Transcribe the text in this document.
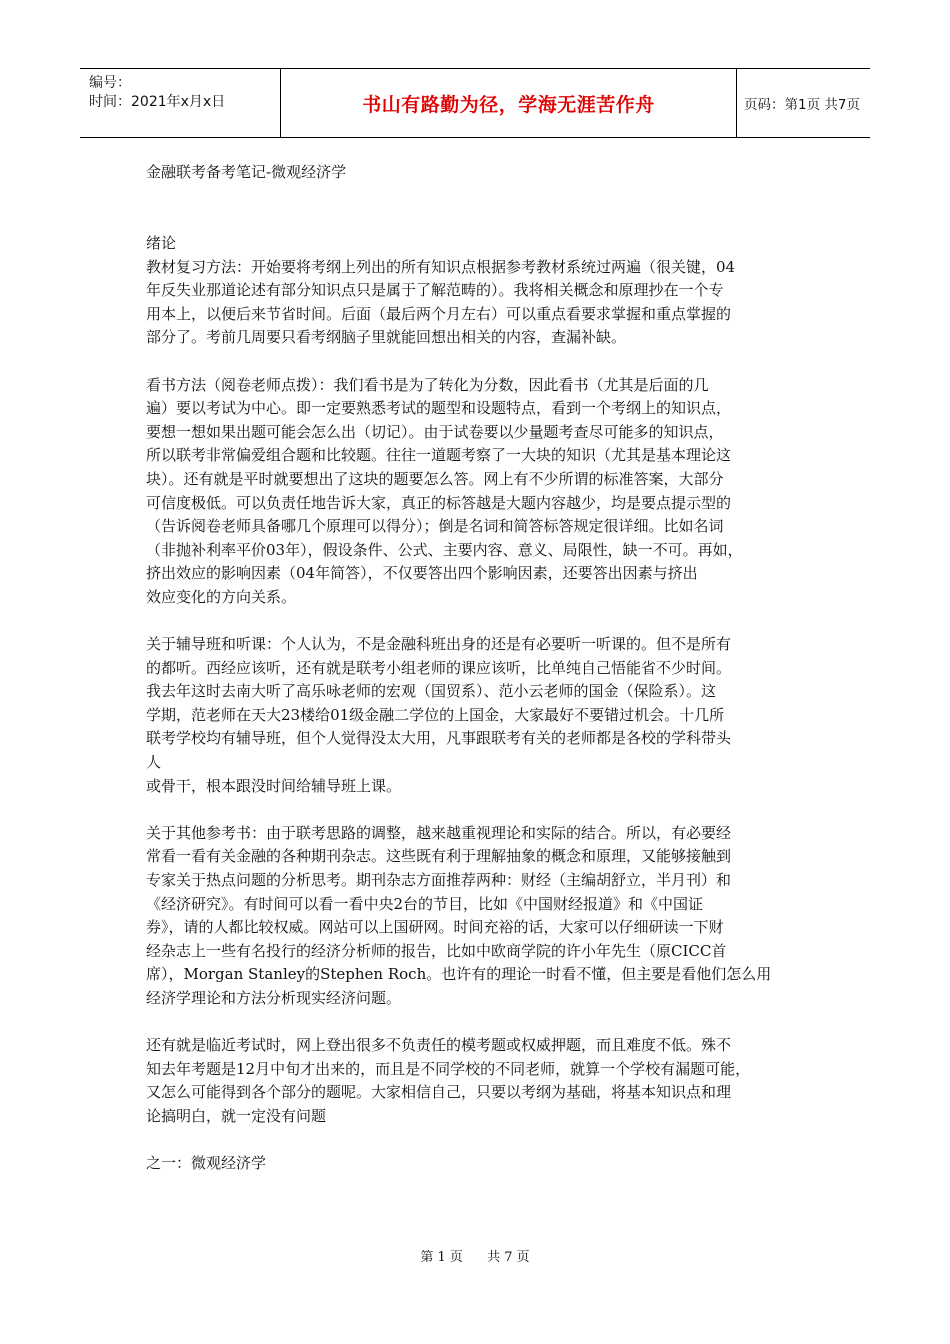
编号：
时间：2021年x月x日	书山有路勤为径，学海无涯苦作舟	页码：第1页 共7页
金融联考备考笔记-微观经济学
绪论
教材复习方法：开始要将考纲上列出的所有知识点根据参考教材系统过两遍（很关键，04
年反失业那道论述有部分知识点只是属于了解范畴的）。我将相关概念和原理抄在一个专
用本上，以便后来节省时间。后面（最后两个月左右）可以重点看要求掌握和重点掌握的
部分了。考前几周要只看考纲脑子里就能回想出相关的内容，查漏补缺。
看书方法（阅卷老师点拨）：我们看书是为了转化为分数，因此看书（尤其是后面的几
遍）要以考试为中心。即一定要熟悉考试的题型和设题特点，看到一个考纲上的知识点，
要想一想如果出题可能会怎么出（切记）。由于试卷要以少量题考查尽可能多的知识点，
所以联考非常偏爱组合题和比较题。往往一道题考察了一大块的知识（尤其是基本理论这
块）。还有就是平时就要想出了这块的题要怎么答。网上有不少所谓的标准答案，大部分
可信度极低。可以负责任地告诉大家，真正的标答越是大题内容越少，均是要点提示型的
（告诉阅卷老师具备哪几个原理可以得分）；倒是名词和简答标答规定很详细。比如名词
（非抛补利率平价03年），假设条件、公式、主要内容、意义、局限性，缺一不可。再如，
挤出效应的影响因素（04年简答），不仅要答出四个影响因素，还要答出因素与挤出
效应变化的方向关系。
关于辅导班和听课：个人认为，不是金融科班出身的还是有必要听一听课的。但不是所有
的都听。西经应该听，还有就是联考小组老师的课应该听，比单纯自己悟能省不少时间。
我去年这时去南大听了高乐咏老师的宏观（国贸系）、范小云老师的国金（保险系）。这
学期，范老师在天大23楼给01级金融二学位的上国金，大家最好不要错过机会。十几所
联考学校均有辅导班，但个人觉得没太大用，凡事跟联考有关的老师都是各校的学科带头
人
或骨干，根本跟没时间给辅导班上课。
关于其他参考书：由于联考思路的调整，越来越重视理论和实际的结合。所以，有必要经
常看一看有关金融的各种期刊杂志。这些既有利于理解抽象的概念和原理，又能够接触到
专家关于热点问题的分析思考。期刊杂志方面推荐两种：财经（主编胡舒立，半月刊）和
《经济研究》。有时间可以看一看中央2台的节目，比如《中国财经报道》和《中国证
券》，请的人都比较权威。网站可以上国研网。时间充裕的话，大家可以仔细研读一下财
经杂志上一些有名投行的经济分析师的报告，比如中欧商学院的许小年先生（原CICC首
席），Morgan Stanley的Stephen Roch。也许有的理论一时看不懂，但主要是看他们怎么用
经济学理论和方法分析现实经济问题。
还有就是临近考试时，网上登出很多不负责任的模考题或权威押题，而且难度不低。殊不
知去年考题是12月中旬才出来的，而且是不同学校的不同老师，就算一个学校有漏题可能，
又怎么可能得到各个部分的题呢。大家相信自己，只要以考纲为基础，将基本知识点和理
论搞明白，就一定没有问题
之一：微观经济学
第 1 页 共 7 页
